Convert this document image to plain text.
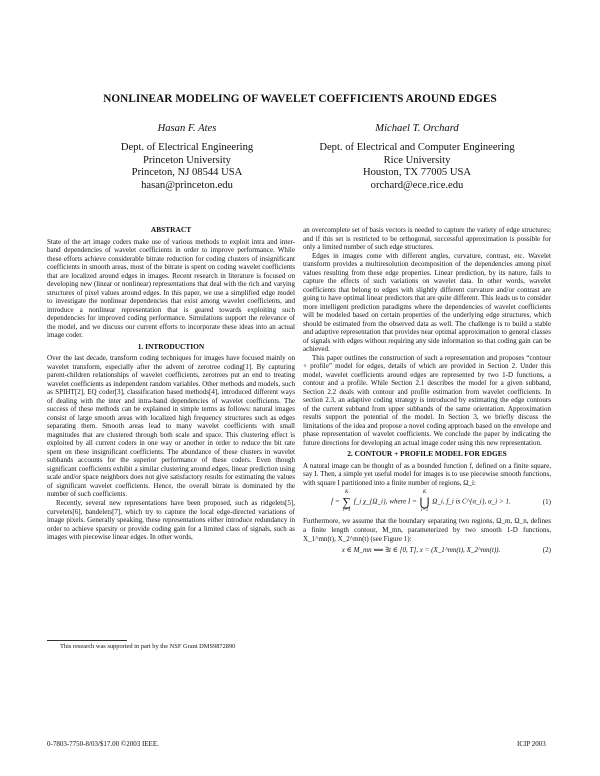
NONLINEAR MODELING OF WAVELET COEFFICIENTS AROUND EDGES
Hasan F. Ates
Dept. of Electrical Engineering
Princeton University
Princeton, NJ 08544 USA
hasan@princeton.edu
Michael T. Orchard
Dept. of Electrical and Computer Engineering
Rice University
Houston, TX 77005 USA
orchard@ece.rice.edu
ABSTRACT

State of the art image coders make use of various methods to exploit intra and inter-band dependencies of wavelet coefficients in order to improve performance. While these efforts achieve considerable bitrate reduction for coding clusters of insignificant coefficients in smooth areas, most of the bitrate is spent on coding wavelet coefficients that are localized around edges in images. Recent research in literature is focused on developing new (linear or nonlinear) representations that deal with the rich and varying structures of pixel values around edges. In this paper, we use a simplified edge model to investigate the nonlinear dependencies that exist among wavelet coefficients, and introduce a nonlinear representation that is geared towards exploiting such dependencies for improved coding performance. Simulations support the relevance of the model, and we discuss our current efforts to incorporate these ideas into an actual image coder.

1. INTRODUCTION

Over the last decade, transform coding techniques for images have focused mainly on wavelet transform, especially after the advent of zerotree coding[1]. By capturing parent-children relationships of wavelet coefficients, zerotrees put an end to treating wavelet coefficients as independent random variables. Other methods and models, such as SPIHT[2], EQ coder[3], classification based methods[4], introduced different ways of dealing with the inter and intra-band dependencies of wavelet coefficients. The success of these methods can be explained in simple terms as follows: natural images consist of large smooth areas with localized high frequency structures such as edges separating them. Smooth areas lead to many wavelet coefficients with small magnitudes that are clustered through both scale and space. This clustering effect is exploited by all current coders in one way or another in order to reduce the bit rate spent on these insignificant coefficients. The abundance of these clusters in wavelet subbands accounts for the superior performance of these coders. Even though significant coefficients exhibit a similar clustering around edges, linear prediction using scale and/or space neighbors does not give satisfactory results for estimating the values of significant wavelet coefficients. Hence, the overall bitrate is dominated by the number of such coefficients.

Recently, several new representations have been proposed, such as ridgelets[5], curvelets[6], bandelets[7], which try to capture the local edge-directed variations of image pixels. Generally speaking, these representations either introduce redundancy in order to achieve sparsity or provide coding gain for a limited class of signals, such as images with piecewise linear edges. In other words,

an overcomplete set of basis vectors is needed to capture the variety of edge structures; and if this set is restricted to be orthogonal, successful approximation is possible for only a limited number of such edge structures.

Edges in images come with different angles, curvature, contrast, etc. Wavelet transform provides a multiresolution decomposition of the dependencies among pixel values resulting from these edge properties. Linear prediction, by its nature, fails to capture the effects of such variations on wavelet data. In other words, wavelet coefficients that belong to edges with slightly different curvature and/or contrast are going to have optimal linear predictors that are quite different. This leads us to consider more intelligent prediction paradigms where the dependencies of wavelet coefficients will be modeled based on certain properties of the underlying edge structures, which should be estimated from the observed data as well. The challenge is to build a stable and adaptive representation that provides near optimal approximation to general classes of signals with edges without requiring any side information so that coding gain can be achieved.

This paper outlines the construction of such a representation and proposes “contour + profile” model for edges, details of which are provided in Section 2. Under this model, wavelet coefficients around edges are represented by two 1-D functions, a contour and a profile. While Section 2.1 describes the model for a given subband, Section 2.2 deals with contour and profile estimation from wavelet coefficients. In section 2.3, an adaptive coding strategy is introduced by estimating the edge contours of the current subband from upper subbands of the same orientation. Approximation results support the potential of the model. In Section 3, we briefly discuss the limitations of the idea and propose a novel coding approach based on the envelope and phase representation of wavelet coefficients. We conclude the paper by indicating the future directions for developing an actual image coder using this new representation.

2. CONTOUR + PROFILE MODEL FOR EDGES

A natural image can be thought of as a bounded function f, defined on a finite square, say I. Then, a simple yet useful model for images is to use piecewise smooth functions, with square I partitioned into a finite number of regions, Ω_i:

f =
K
∑
i=1
f_i χ_{Ω_i}, where I =
K
⋃
i=1
Ω_i, f_i is C^{α_i}, α_i > 1.	(1)

Furthermore, we assume that the boundary separating two regions, Ω_m, Ω_n, defines a finite length contour, M_mn, parameterized by two smooth 1-D functions, X_1^mn(t), X_2^mn(t) (see Figure 1):

x ∈ M_mn ⟺ ∃t ∈ [0, T], x = (X_1^mn(t), X_2^mn(t)).	(2)
This research was supported in part by the NSF Grant DMS9872890
0-7803-7750-8/03/$17.00 ©2003 IEEE.	ICIP 2003
